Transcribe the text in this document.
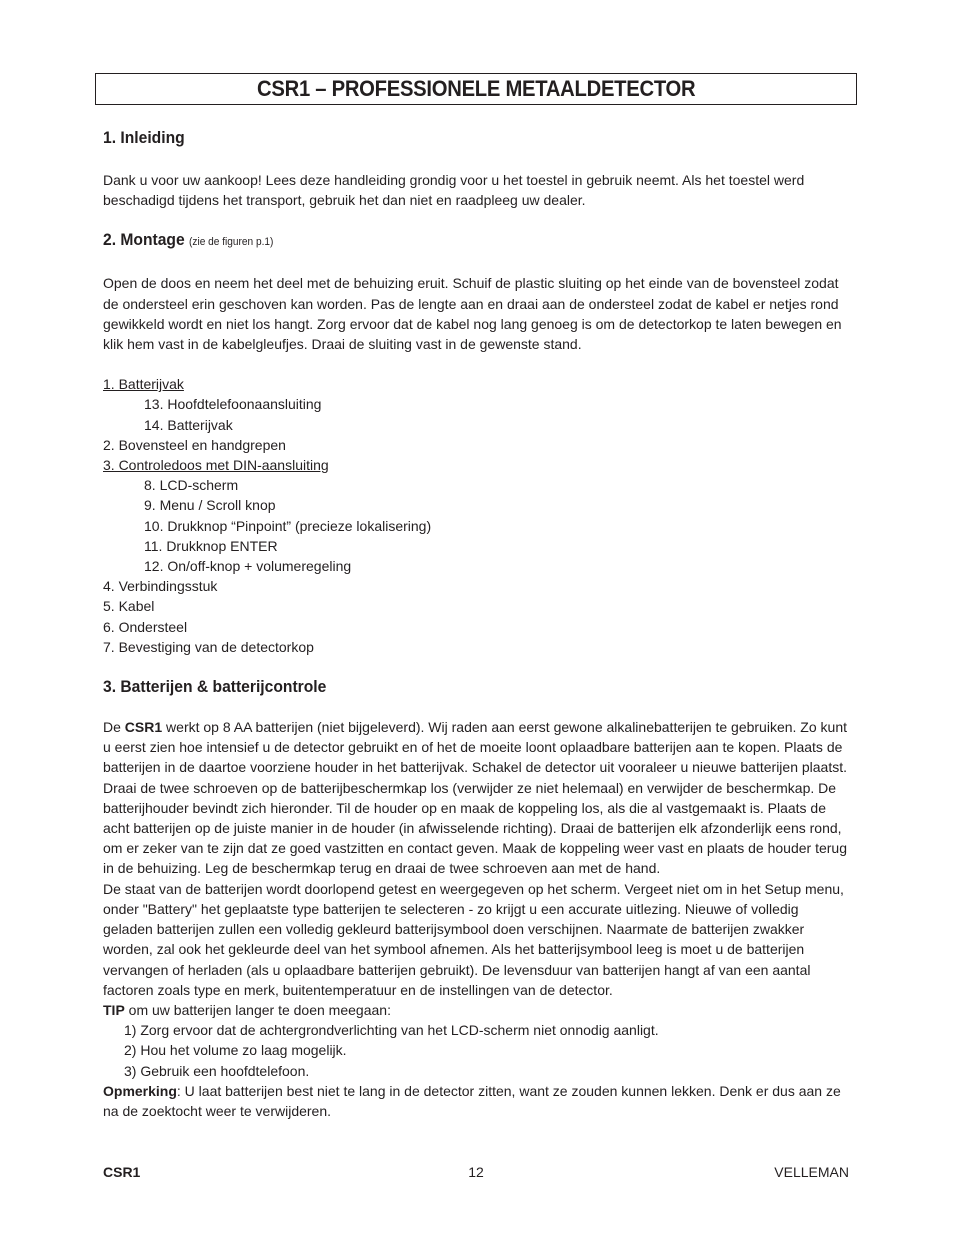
CSR1 – PROFESSIONELE METAALDETECTOR
1. Inleiding

Dank u voor uw aankoop! Lees deze handleiding grondig voor u het toestel in gebruik neemt. Als het toestel werd beschadigd tijdens het transport, gebruik het dan niet en raadpleeg uw dealer.

2. Montage (zie de figuren p.1)

Open de doos en neem het deel met de behuizing eruit. Schuif de plastic sluiting op het einde van de bovensteel zodat de ondersteel erin geschoven kan worden. Pas de lengte aan en draai aan de ondersteel zodat de kabel er netjes rond gewikkeld wordt en niet los hangt. Zorg ervoor dat de kabel nog lang genoeg is om de detectorkop te laten bewegen en klik hem vast in de kabelgleufjes. Draai de sluiting vast in de gewenste stand.

1. Batterijvak
13. Hoofdtelefoonaansluiting
14. Batterijvak
2. Bovensteel en handgrepen
3. Controledoos met DIN-aansluiting
8. LCD-scherm
9. Menu / Scroll knop
10. Drukknop “Pinpoint” (precieze lokalisering)
11. Drukknop ENTER
12. On/off-knop + volumeregeling
4. Verbindingsstuk
5. Kabel
6. Ondersteel
7. Bevestiging van de detectorkop
3. Batterijen & batterijcontrole

De CSR1 werkt op 8 AA batterijen (niet bijgeleverd). Wij raden aan eerst gewone alkalinebatterijen te gebruiken. Zo kunt u eerst zien hoe intensief u de detector gebruikt en of het de moeite loont oplaadbare batterijen aan te kopen. Plaats de batterijen in de daartoe voorziene houder in het batterijvak. Schakel de detector uit vooraleer u nieuwe batterijen plaatst. Draai de twee schroeven op de batterijbeschermkap los (verwijder ze niet helemaal) en verwijder de beschermkap. De batterijhouder bevindt zich hieronder. Til de houder op en maak de koppeling los, als die al vastgemaakt is. Plaats de acht batterijen op de juiste manier in de houder (in afwisselende richting). Draai de batterijen elk afzonderlijk eens rond, om er zeker van te zijn dat ze goed vastzitten en contact geven. Maak de koppeling weer vast en plaats de houder terug in de behuizing. Leg de beschermkap terug en draai de twee schroeven aan met de hand.

De staat van de batterijen wordt doorlopend getest en weergegeven op het scherm. Vergeet niet om in het Setup menu, onder "Battery" het geplaatste type batterijen te selecteren - zo krijgt u een accurate uitlezing. Nieuwe of volledig geladen batterijen zullen een volledig gekleurd batterijsymbool doen verschijnen. Naarmate de batterijen zwakker worden, zal ook het gekleurde deel van het symbool afnemen. Als het batterijsymbool leeg is moet u de batterijen vervangen of herladen (als u oplaadbare batterijen gebruikt). De levensduur van batterijen hangt af van een aantal factoren zoals type en merk, buitentemperatuur en de instellingen van de detector.

TIP om uw batterijen langer te doen meegaan:

1) Zorg ervoor dat de achtergrondverlichting van het LCD-scherm niet onnodig aanligt.
2) Hou het volume zo laag mogelijk.
3) Gebruik een hoofdtelefoon.

Opmerking: U laat batterijen best niet te lang in de detector zitten, want ze zouden kunnen lekken. Denk er dus aan ze na de zoektocht weer te verwijderen.

CSR1	12	VELLEMAN
